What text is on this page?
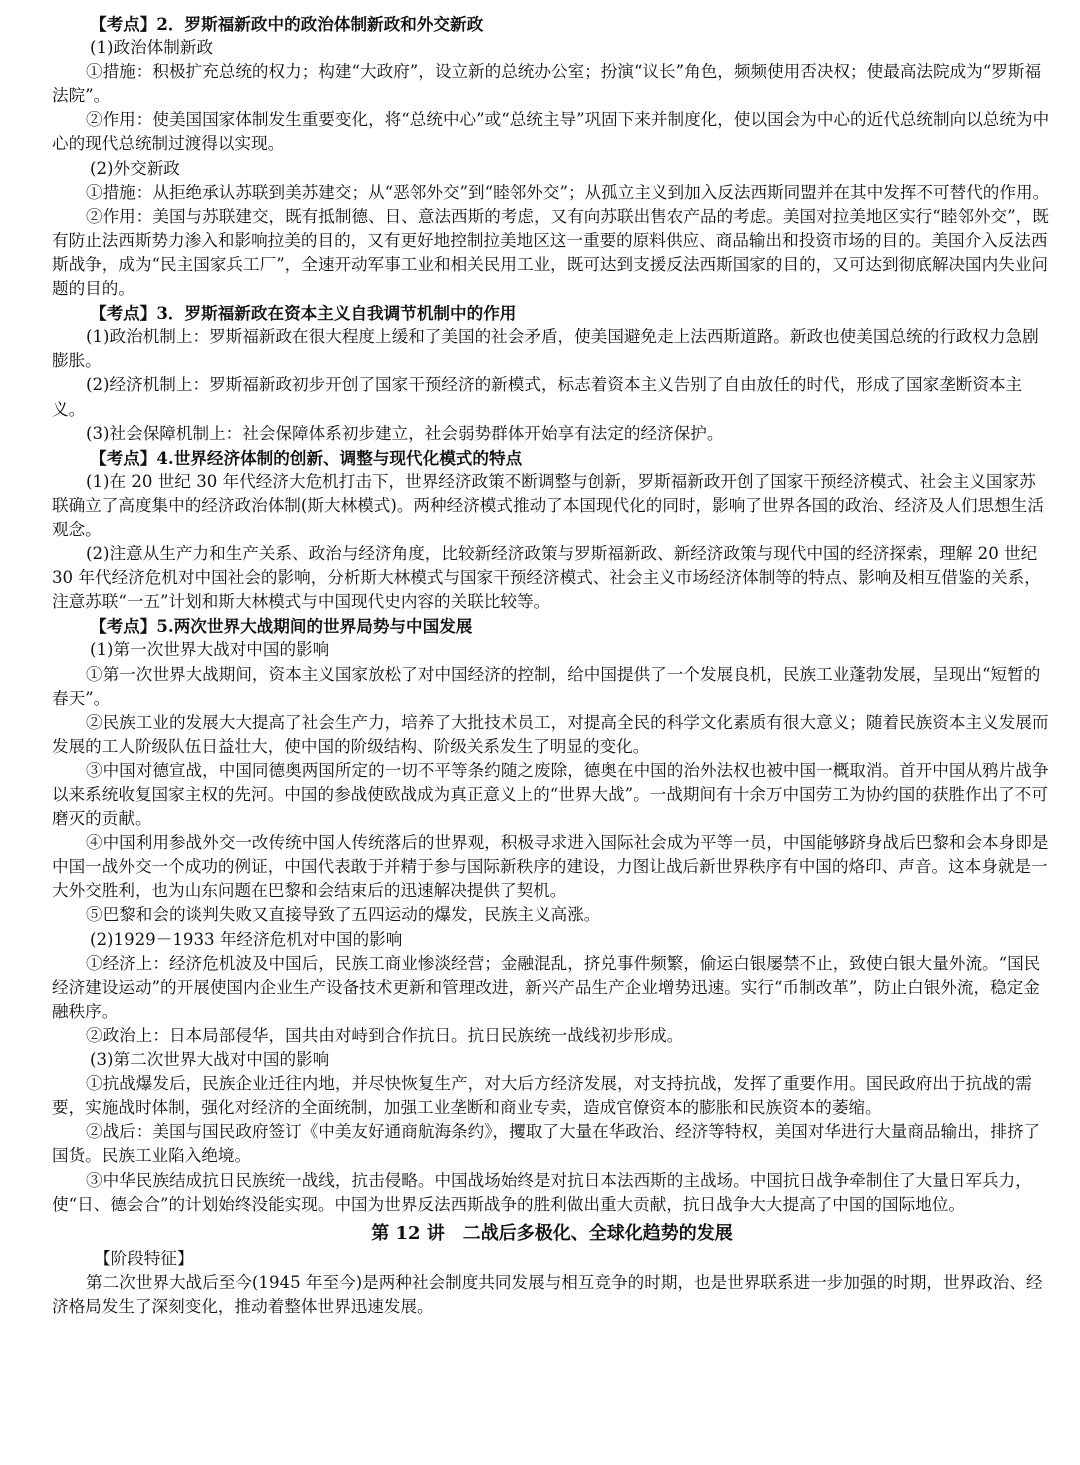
【考点】2．罗斯福新政中的政治体制新政和外交新政

(1)政治体制新政

①措施：积极扩充总统的权力；构建“大政府”，设立新的总统办公室；扮演“议长”角色，频频使用否决权；使最高法院成为“罗斯福法院”。

②作用：使美国国家体制发生重要变化，将“总统中心”或“总统主导”巩固下来并制度化，使以国会为中心的近代总统制向以总统为中心的现代总统制过渡得以实现。

(2)外交新政

①措施：从拒绝承认苏联到美苏建交；从“恶邻外交”到“睦邻外交”；从孤立主义到加入反法西斯同盟并在其中发挥不可替代的作用。

②作用：美国与苏联建交，既有抵制德、日、意法西斯的考虑，又有向苏联出售农产品的考虑。美国对拉美地区实行“睦邻外交”，既有防止法西斯势力渗入和影响拉美的目的，又有更好地控制拉美地区这一重要的原料供应、商品输出和投资市场的目的。美国介入反法西斯战争，成为“民主国家兵工厂”，全速开动军事工业和相关民用工业，既可达到支援反法西斯国家的目的，又可达到彻底解决国内失业问题的目的。

【考点】3．罗斯福新政在资本主义自我调节机制中的作用

(1)政治机制上：罗斯福新政在很大程度上缓和了美国的社会矛盾，使美国避免走上法西斯道路。新政也使美国总统的行政权力急剧膨胀。

(2)经济机制上：罗斯福新政初步开创了国家干预经济的新模式，标志着资本主义告别了自由放任的时代，形成了国家垄断资本主义。

(3)社会保障机制上：社会保障体系初步建立，社会弱势群体开始享有法定的经济保护。

【考点】4.世界经济体制的创新、调整与现代化模式的特点

(1)在 20 世纪 30 年代经济大危机打击下，世界经济政策不断调整与创新，罗斯福新政开创了国家干预经济模式、社会主义国家苏联确立了高度集中的经济政治体制(斯大林模式)。两种经济模式推动了本国现代化的同时，影响了世界各国的政治、经济及人们思想生活观念。

(2)注意从生产力和生产关系、政治与经济角度，比较新经济政策与罗斯福新政、新经济政策与现代中国的经济探索，理解 20 世纪 30 年代经济危机对中国社会的影响，分析斯大林模式与国家干预经济模式、社会主义市场经济体制等的特点、影响及相互借鉴的关系，注意苏联“一五”计划和斯大林模式与中国现代史内容的关联比较等。

【考点】5.两次世界大战期间的世界局势与中国发展

(1)第一次世界大战对中国的影响

①第一次世界大战期间，资本主义国家放松了对中国经济的控制，给中国提供了一个发展良机，民族工业蓬勃发展，呈现出“短暂的春天”。

②民族工业的发展大大提高了社会生产力，培养了大批技术员工，对提高全民的科学文化素质有很大意义；随着民族资本主义发展而发展的工人阶级队伍日益壮大，使中国的阶级结构、阶级关系发生了明显的变化。

③中国对德宣战，中国同德奥两国所定的一切不平等条约随之废除，德奥在中国的治外法权也被中国一概取消。首开中国从鸦片战争以来系统收复国家主权的先河。中国的参战使欧战成为真正意义上的“世界大战”。一战期间有十余万中国劳工为协约国的获胜作出了不可磨灭的贡献。

④中国利用参战外交一改传统中国人传统落后的世界观，积极寻求进入国际社会成为平等一员，中国能够跻身战后巴黎和会本身即是中国一战外交一个成功的例证，中国代表敢于并精于参与国际新秩序的建设，力图让战后新世界秩序有中国的烙印、声音。这本身就是一大外交胜利，也为山东问题在巴黎和会结束后的迅速解决提供了契机。

⑤巴黎和会的谈判失败又直接导致了五四运动的爆发，民族主义高涨。

(2)1929－1933 年经济危机对中国的影响

①经济上：经济危机波及中国后，民族工商业惨淡经营；金融混乱，挤兑事件频繁，偷运白银屡禁不止，致使白银大量外流。“国民经济建设运动”的开展使国内企业生产设备技术更新和管理改进，新兴产品生产企业增势迅速。实行“币制改革”，防止白银外流，稳定金融秩序。

②政治上：日本局部侵华，国共由对峙到合作抗日。抗日民族统一战线初步形成。

(3)第二次世界大战对中国的影响

①抗战爆发后，民族企业迁往内地，并尽快恢复生产，对大后方经济发展，对支持抗战，发挥了重要作用。国民政府出于抗战的需要，实施战时体制，强化对经济的全面统制，加强工业垄断和商业专卖，造成官僚资本的膨胀和民族资本的萎缩。

②战后：美国与国民政府签订《中美友好通商航海条约》，攫取了大量在华政治、经济等特权，美国对华进行大量商品输出，排挤了国货。民族工业陷入绝境。

③中华民族结成抗日民族统一战线，抗击侵略。中国战场始终是对抗日本法西斯的主战场。中国抗日战争牵制住了大量日军兵力，使“日、德会合”的计划始终没能实现。中国为世界反法西斯战争的胜利做出重大贡献，抗日战争大大提高了中国的国际地位。

第 12 讲　二战后多极化、全球化趋势的发展

【阶段特征】

第二次世界大战后至今(1945 年至今)是两种社会制度共同发展与相互竞争的时期，也是世界联系进一步加强的时期，世界政治、经济格局发生了深刻变化，推动着整体世界迅速发展。
